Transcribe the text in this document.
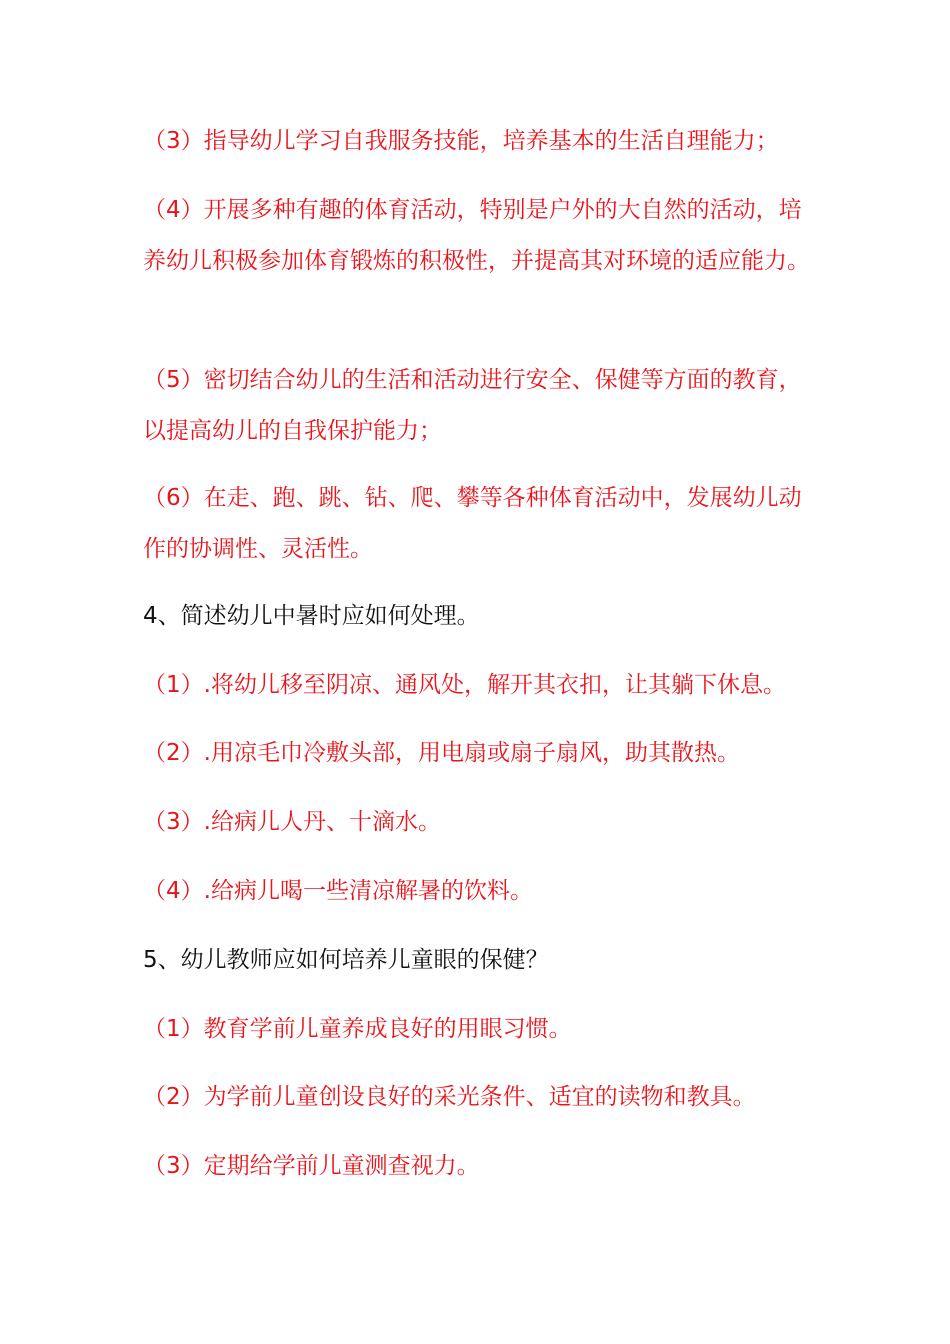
（3）指导幼儿学习自我服务技能，培养基本的生活自理能力；

（4）开展多种有趣的体育活动，特别是户外的大自然的活动，培养幼儿积极参加体育锻炼的积极性，并提高其对环境的适应能力。

（5）密切结合幼儿的生活和活动进行安全、保健等方面的教育，以提高幼儿的自我保护能力；

（6）在走、跑、跳、钻、爬、攀等各种体育活动中，发展幼儿动作的协调性、灵活性。

4、简述幼儿中暑时应如何处理。

（1）.将幼儿移至阴凉、通风处，解开其衣扣，让其躺下休息。

（2）.用凉毛巾冷敷头部，用电扇或扇子扇风，助其散热。

（3）.给病儿人丹、十滴水。

（4）.给病儿喝一些清凉解暑的饮料。

5、幼儿教师应如何培养儿童眼的保健？

（1）教育学前儿童养成良好的用眼习惯。

（2）为学前儿童创设良好的采光条件、适宜的读物和教具。

（3）定期给学前儿童测查视力。
